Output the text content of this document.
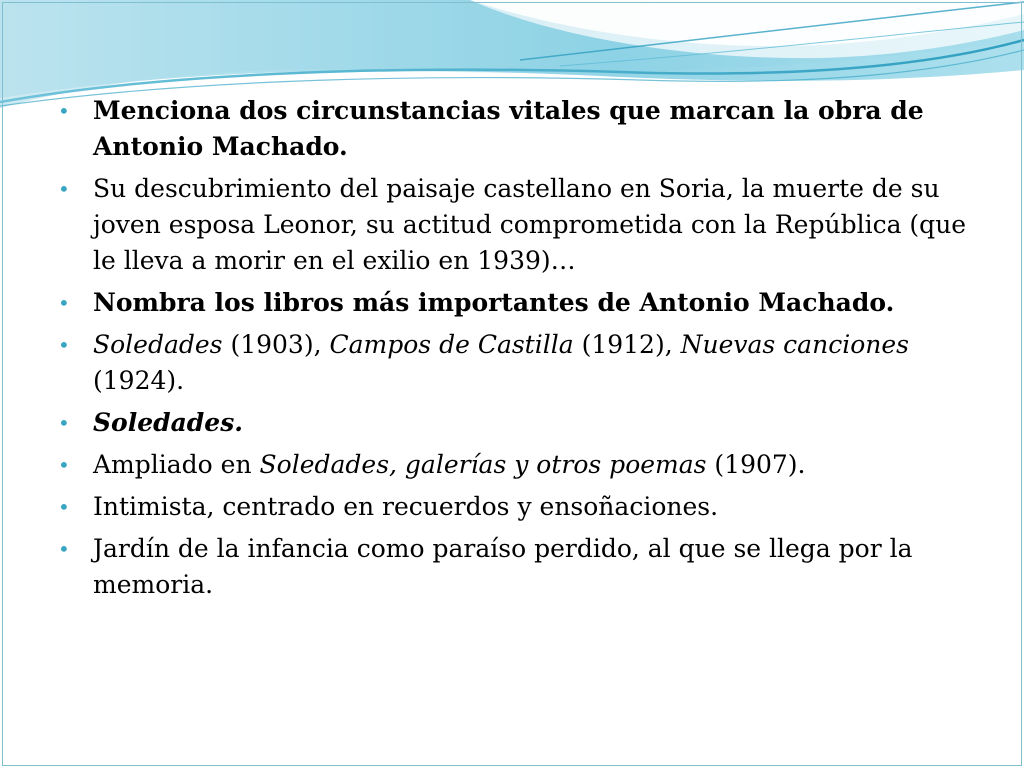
• Menciona dos circunstancias vitales que marcan la obra de Antonio Machado.
• Su descubrimiento del paisaje castellano en Soria, la muerte de su joven esposa Leonor, su actitud comprometida con la República (que le lleva a morir en el exilio en 1939)…
• Nombra los libros más importantes de Antonio Machado.
• Soledades (1903), Campos de Castilla (1912), Nuevas canciones (1924).
• Soledades.
• Ampliado en Soledades, galerías y otros poemas (1907).
• Intimista, centrado en recuerdos y ensoñaciones.
• Jardín de la infancia como paraíso perdido, al que se llega por la memoria.
